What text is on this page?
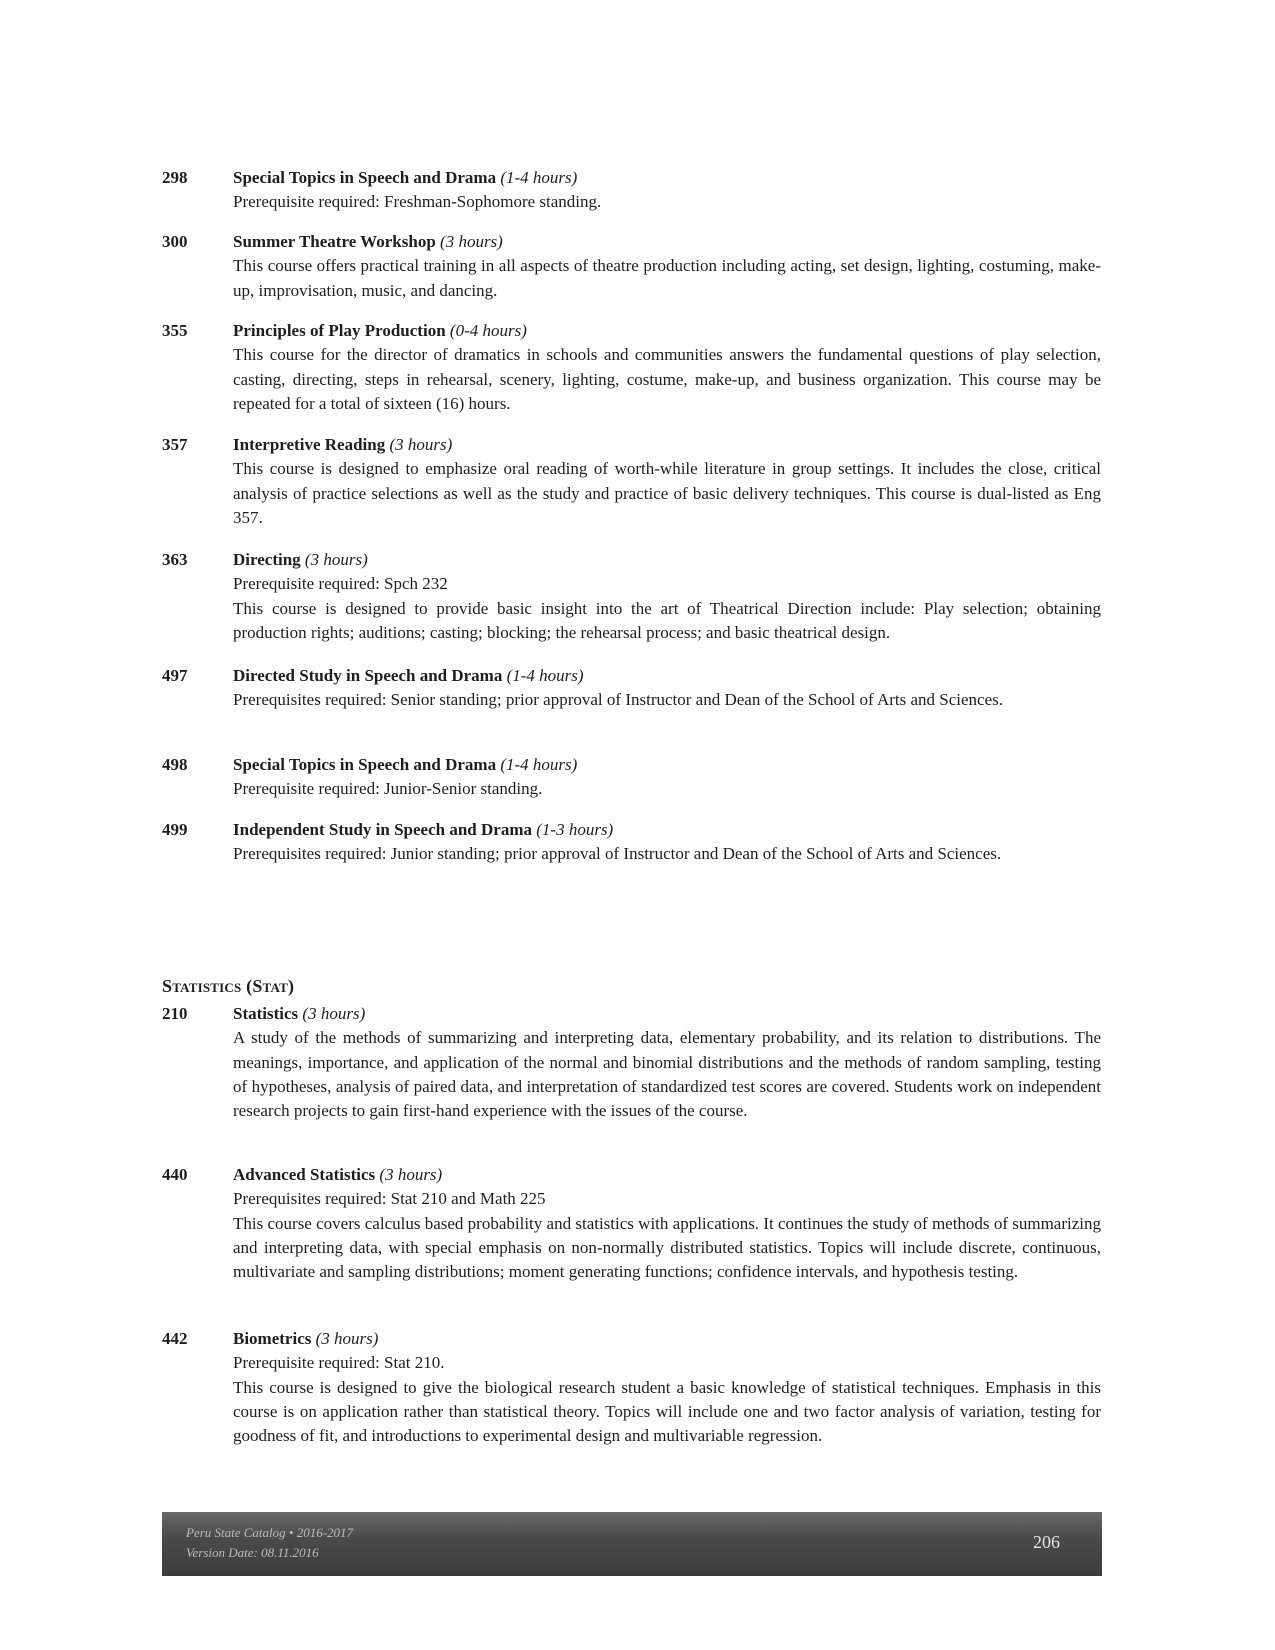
298	Special Topics in Speech and Drama (1-4 hours)

Prerequisite required: Freshman-Sophomore standing.

300	Summer Theatre Workshop (3 hours)

This course offers practical training in all aspects of theatre production including acting, set design, lighting, costuming, make-up, improvisation, music, and dancing.

355	Principles of Play Production (0-4 hours)

This course for the director of dramatics in schools and communities answers the fundamental questions of play selection, casting, directing, steps in rehearsal, scenery, lighting, costume, make-up, and business organization. This course may be repeated for a total of sixteen (16) hours.

357	Interpretive Reading (3 hours)

This course is designed to emphasize oral reading of worth-while literature in group settings. It includes the close, critical analysis of practice selections as well as the study and practice of basic delivery techniques. This course is dual-listed as Eng 357.

363	Directing (3 hours)

Prerequisite required: Spch 232

This course is designed to provide basic insight into the art of Theatrical Direction include: Play selection; obtaining production rights; auditions; casting; blocking; the rehearsal process; and basic theatrical design.

497	Directed Study in Speech and Drama (1-4 hours)

Prerequisites required: Senior standing; prior approval of Instructor and Dean of the School of Arts and Sciences.

498	Special Topics in Speech and Drama (1-4 hours)

Prerequisite required: Junior-Senior standing.

499	Independent Study in Speech and Drama (1-3 hours)

Prerequisites required: Junior standing; prior approval of Instructor and Dean of the School of Arts and Sciences.

Statistics (Stat)
210	Statistics (3 hours)

A study of the methods of summarizing and interpreting data, elementary probability, and its relation to distributions. The meanings, importance, and application of the normal and binomial distributions and the methods of random sampling, testing of hypotheses, analysis of paired data, and interpretation of standardized test scores are covered. Students work on independent research projects to gain first-hand experience with the issues of the course.

440	Advanced Statistics (3 hours)

Prerequisites required: Stat 210 and Math 225

This course covers calculus based probability and statistics with applications. It continues the study of methods of summarizing and interpreting data, with special emphasis on non-normally distributed statistics. Topics will include discrete, continuous, multivariate and sampling distributions; moment generating functions; confidence intervals, and hypothesis testing.

442	Biometrics (3 hours)

Prerequisite required: Stat 210.

This course is designed to give the biological research student a basic knowledge of statistical techniques. Emphasis in this course is on application rather than statistical theory. Topics will include one and two factor analysis of variation, testing for goodness of fit, and introductions to experimental design and multivariable regression.

Peru State Catalog • 2016-2017
Version Date: 08.11.2016
206
